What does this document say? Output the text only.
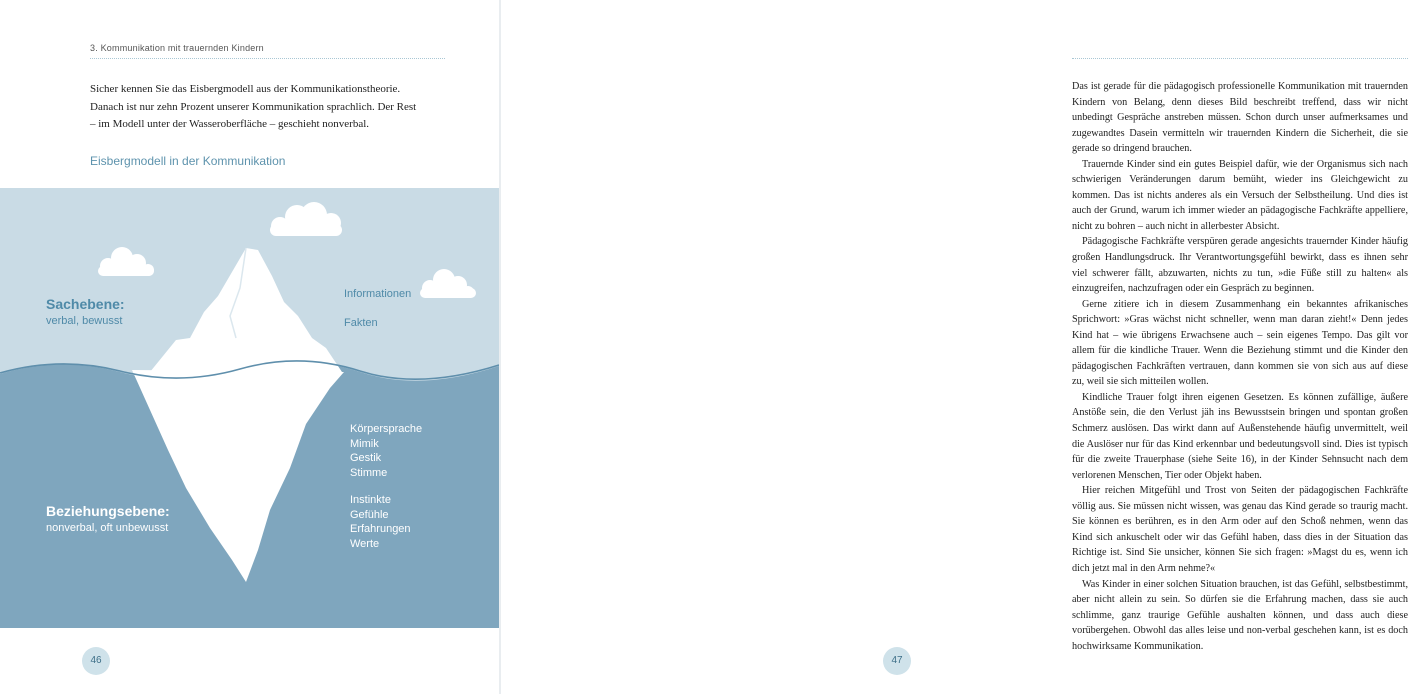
3. Kommunikation mit trauernden Kindern
Sicher kennen Sie das Eisbergmodell aus der Kommunikationstheorie. Danach ist nur zehn Prozent unserer Kommunikation sprachlich. Der Rest – im Modell unter der Wasseroberfläche – geschieht nonverbal.
Eisbergmodell in der Kommunikation
Sachebene:
verbal, bewusst
Informationen
Fakten
Körpersprache
Mimik
Gestik
Stimme
Instinkte
Gefühle
Erfahrungen
Werte
Beziehungsebene:
nonverbal, oft unbewusst
46

Das ist gerade für die pädagogisch professionelle Kommunikation mit trauernden Kindern von Belang, denn dieses Bild beschreibt treffend, dass wir nicht unbedingt Gespräche anstreben müssen. Schon durch unser aufmerksames und zugewandtes Dasein vermitteln wir trauernden Kindern die Sicherheit, die sie gerade so dringend brauchen.

Trauernde Kinder sind ein gutes Beispiel dafür, wie der Organismus sich nach schwierigen Veränderungen darum bemüht, wieder ins Gleichgewicht zu kommen. Das ist nichts anderes als ein Versuch der Selbstheilung. Und dies ist auch der Grund, warum ich immer wieder an pädagogische Fachkräfte appelliere, nicht zu bohren – auch nicht in allerbester Absicht.

Pädagogische Fachkräfte verspüren gerade angesichts trauernder Kinder häufig großen Handlungsdruck. Ihr Verantwortungsgefühl bewirkt, dass es ihnen sehr viel schwerer fällt, abzuwarten, nichts zu tun, »die Füße still zu halten« als einzugreifen, nachzufragen oder ein Gespräch zu beginnen.

Gerne zitiere ich in diesem Zusammenhang ein bekanntes afrikanisches Sprichwort: »Gras wächst nicht schneller, wenn man daran zieht!« Denn jedes Kind hat – wie übrigens Erwachsene auch – sein eigenes Tempo. Das gilt vor allem für die kindliche Trauer. Wenn die Beziehung stimmt und die Kinder den pädagogischen Fachkräften vertrauen, dann kommen sie von sich aus auf diese zu, weil sie sich mitteilen wollen.

Kindliche Trauer folgt ihren eigenen Gesetzen. Es können zufällige, äußere Anstöße sein, die den Verlust jäh ins Bewusstsein bringen und spontan großen Schmerz auslösen. Das wirkt dann auf Außenstehende häufig unvermittelt, weil die Auslöser nur für das Kind erkennbar und bedeutungsvoll sind. Dies ist typisch für die zweite Trauerphase (siehe Seite 16), in der Kinder Sehnsucht nach dem verlorenen Menschen, Tier oder Objekt haben.

Hier reichen Mitgefühl und Trost von Seiten der pädagogischen Fachkräfte völlig aus. Sie müssen nicht wissen, was genau das Kind gerade so traurig macht. Sie können es berühren, es in den Arm oder auf den Schoß nehmen, wenn das Kind sich ankuschelt oder wir das Gefühl haben, dass dies in der Situation das Richtige ist. Sind Sie unsicher, können Sie sich fragen: »Magst du es, wenn ich dich jetzt mal in den Arm nehme?«

Was Kinder in einer solchen Situation brauchen, ist das Gefühl, selbstbestimmt, aber nicht allein zu sein. So dürfen sie die Erfahrung machen, dass sie auch schlimme, ganz traurige Gefühle aushalten können, und dass auch diese vorübergehen. Obwohl das alles leise und non-verbal geschehen kann, ist es doch hochwirksame Kommunikation.

47
